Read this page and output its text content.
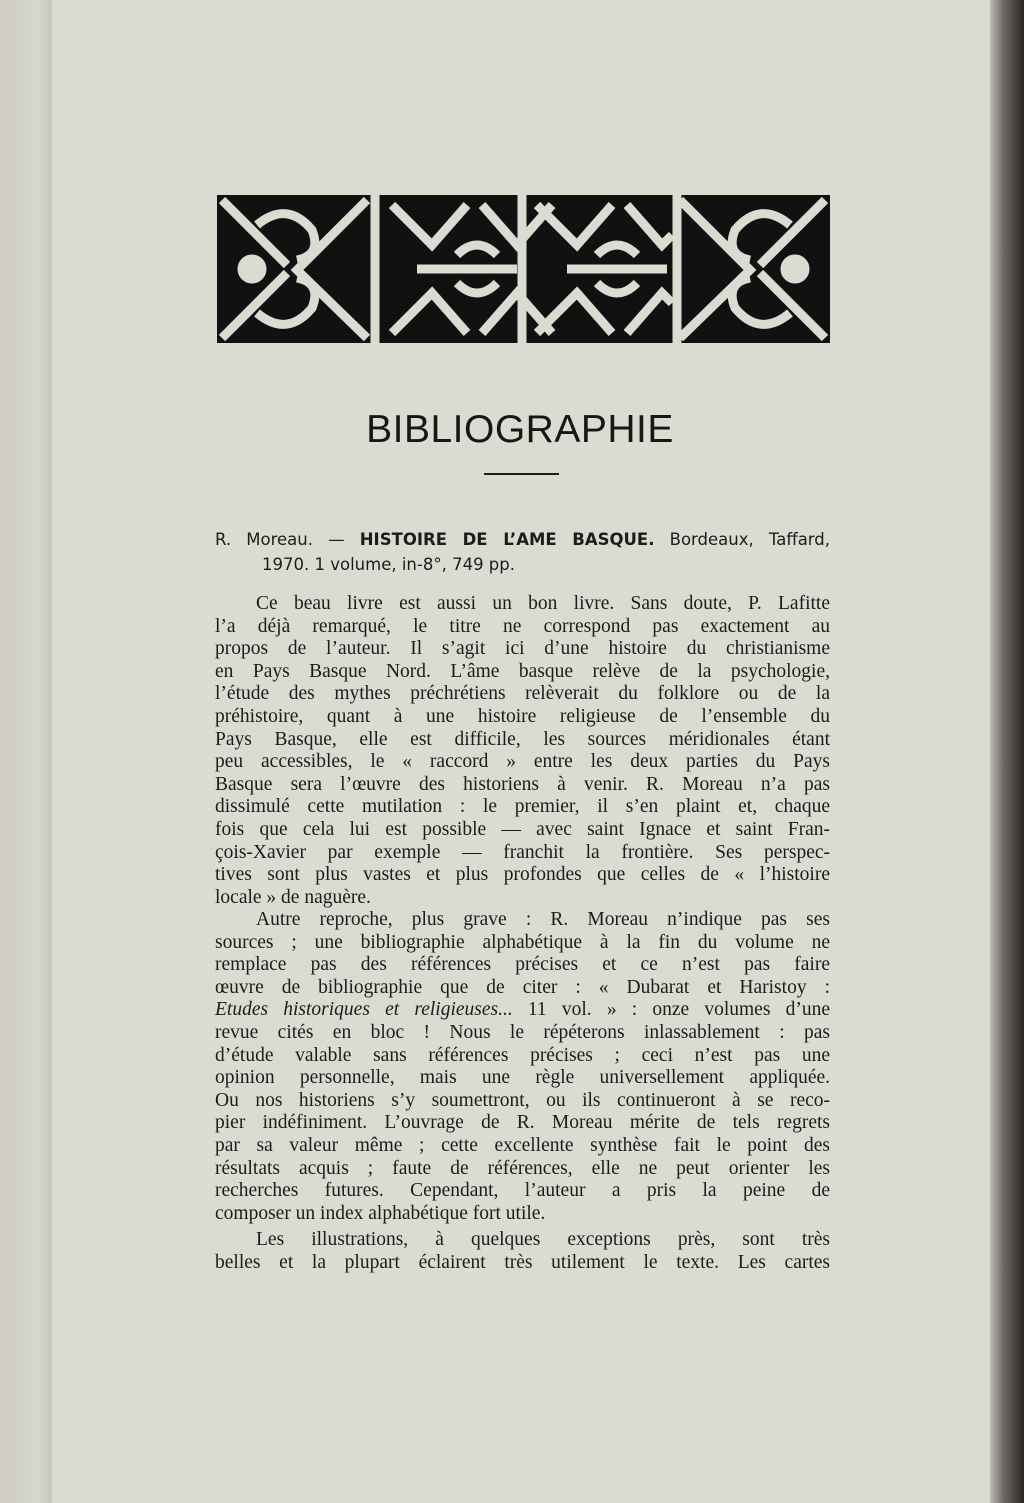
BIBLIOGRAPHIE
R. Moreau. — HISTOIRE DE L’AME BASQUE. Bordeaux, Taffard,
1970. 1 volume, in-8°, 749 pp.
Ce beau livre est aussi un bon livre. Sans doute, P. Lafitte
l’a déjà remarqué, le titre ne correspond pas exactement au
propos de l’auteur. Il s’agit ici d’une histoire du christianisme
en Pays Basque Nord. L’âme basque relève de la psychologie,
l’étude des mythes préchrétiens relèverait du folklore ou de la
préhistoire, quant à une histoire religieuse de l’ensemble du
Pays Basque, elle est difficile, les sources méridionales étant
peu accessibles, le « raccord » entre les deux parties du Pays
Basque sera l’œuvre des historiens à venir. R. Moreau n’a pas
dissimulé cette mutilation : le premier, il s’en plaint et, chaque
fois que cela lui est possible — avec saint Ignace et saint Fran-
çois-Xavier par exemple — franchit la frontière. Ses perspec-
tives sont plus vastes et plus profondes que celles de « l’histoire
locale » de naguère.
Autre reproche, plus grave : R. Moreau n’indique pas ses
sources ; une bibliographie alphabétique à la fin du volume ne
remplace pas des références précises et ce n’est pas faire
œuvre de bibliographie que de citer : « Dubarat et Haristoy :
Etudes historiques et religieuses... 11 vol. » : onze volumes d’une
revue cités en bloc ! Nous le répéterons inlassablement : pas
d’étude valable sans références précises ; ceci n’est pas une
opinion personnelle, mais une règle universellement appliquée.
Ou nos historiens s’y soumettront, ou ils continueront à se reco-
pier indéfiniment. L’ouvrage de R. Moreau mérite de tels regrets
par sa valeur même ; cette excellente synthèse fait le point des
résultats acquis ; faute de références, elle ne peut orienter les
recherches futures. Cependant, l’auteur a pris la peine de
composer un index alphabétique fort utile.
Les illustrations, à quelques exceptions près, sont très
belles et la plupart éclairent très utilement le texte. Les cartes
